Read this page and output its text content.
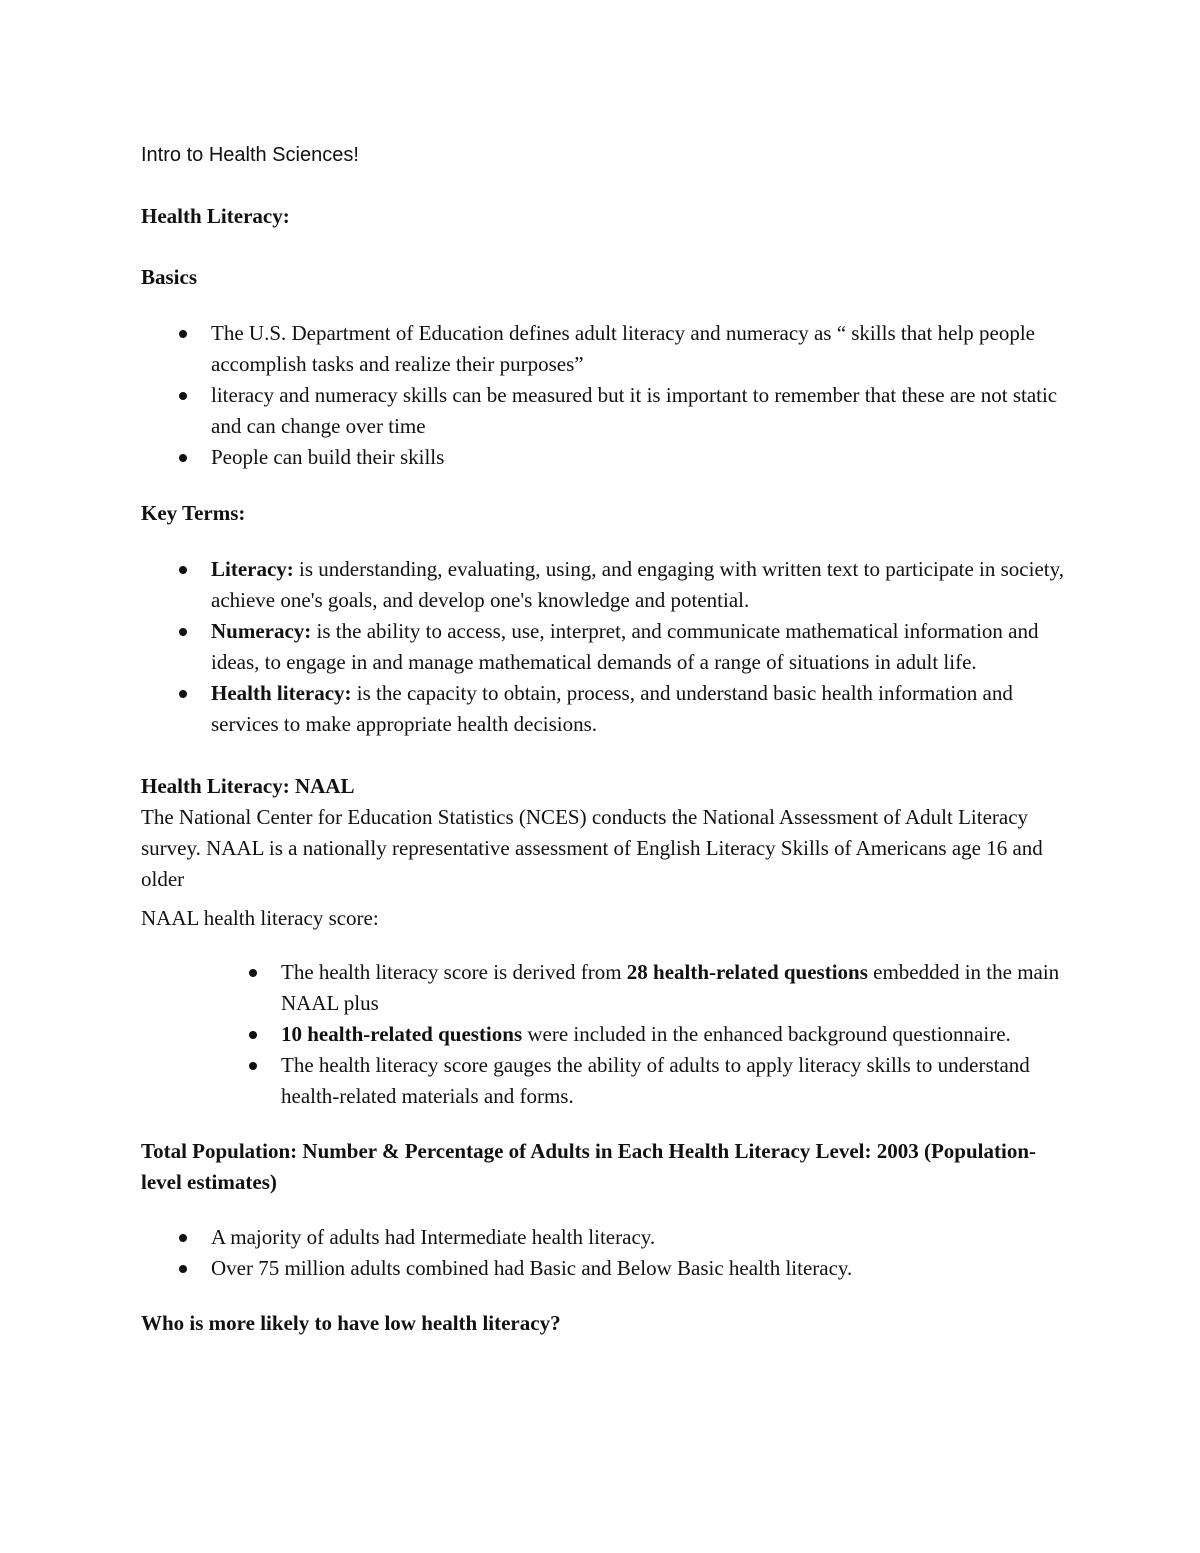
Intro to Health Sciences!

Health Literacy:

Basics

The U.S. Department of Education defines adult literacy and numeracy as “ skills that help people accomplish tasks and realize their purposes”
literacy and numeracy skills can be measured but it is important to remember that these are not static and can change over time
People can build their skills

Key Terms:

Literacy: is understanding, evaluating, using, and engaging with written text to participate in society, achieve one's goals, and develop one's knowledge and potential.
Numeracy: is the ability to access, use, interpret, and communicate mathematical information and ideas, to engage in and manage mathematical demands of a range of situations in adult life.
Health literacy: is the capacity to obtain, process, and understand basic health information and services to make appropriate health decisions.

Health Literacy: NAAL

The National Center for Education Statistics (NCES) conducts the National Assessment of Adult Literacy survey. NAAL is a nationally representative assessment of English Literacy Skills of Americans age 16 and older

NAAL health literacy score:

The health literacy score is derived from 28 health-related questions embedded in the main NAAL plus
10 health-related questions were included in the enhanced background questionnaire.
The health literacy score gauges the ability of adults to apply literacy skills to understand health-related materials and forms.

Total Population: Number & Percentage of Adults in Each Health Literacy Level: 2003 (Population-level estimates)

A majority of adults had Intermediate health literacy.
Over 75 million adults combined had Basic and Below Basic health literacy.

Who is more likely to have low health literacy?
